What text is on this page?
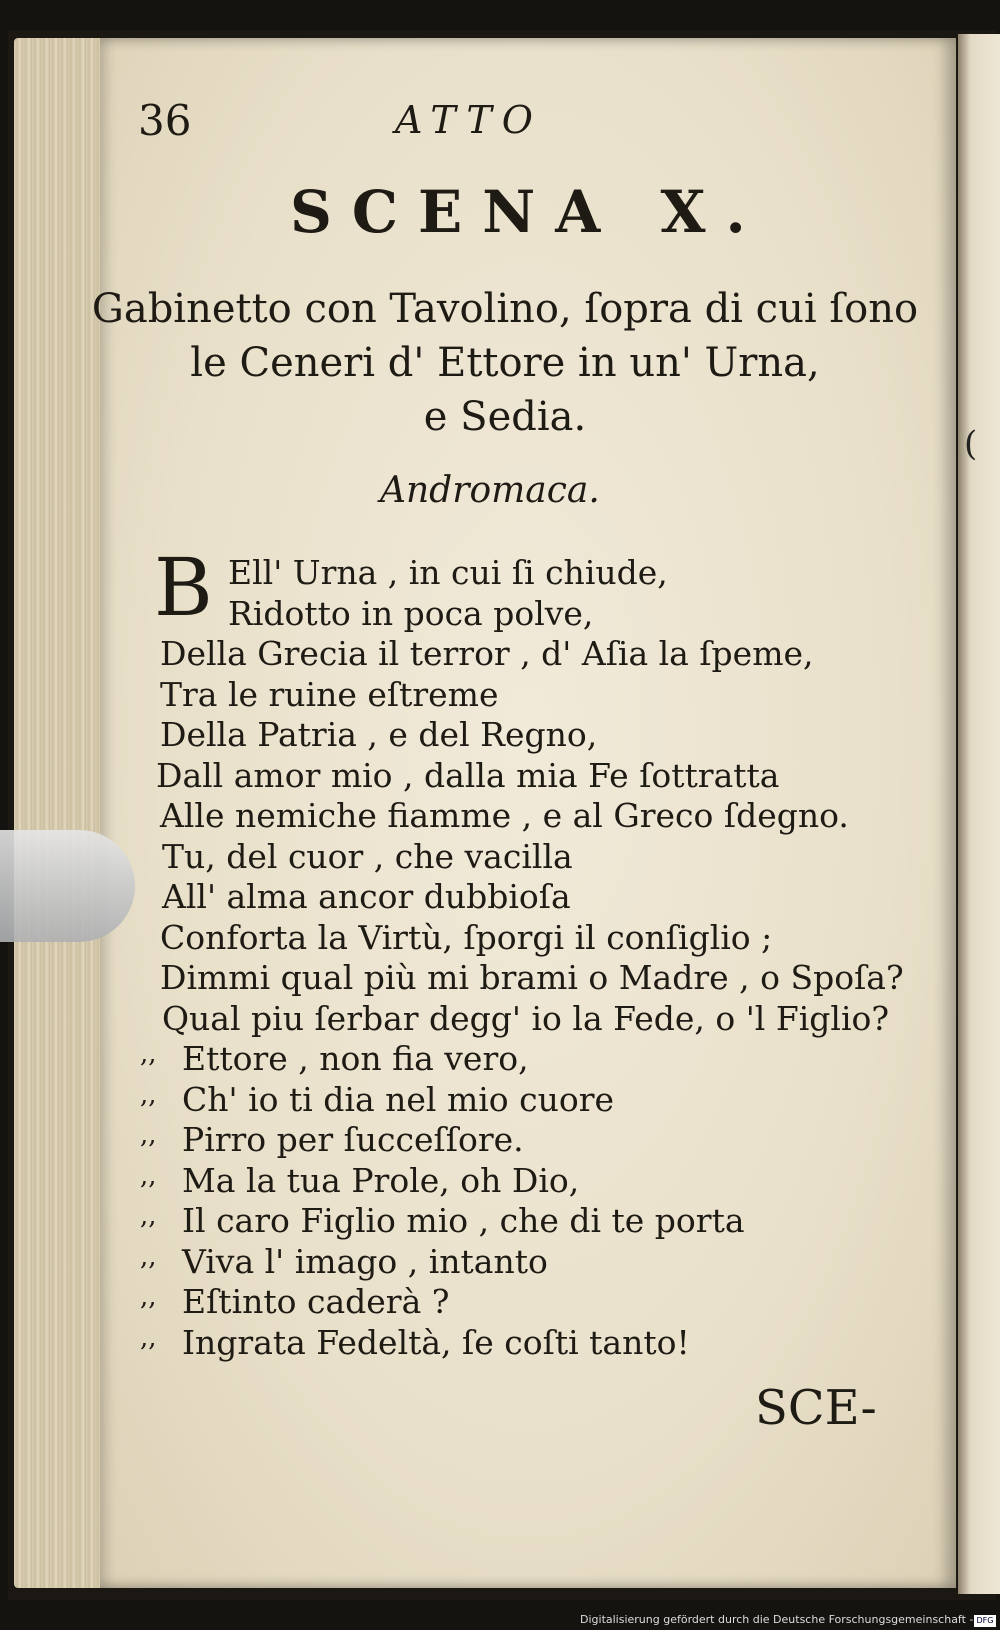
(
36	ATTO
SCENA X.
Gabinetto con Tavolino, ſopra di cui ſono
le Ceneri d' Ettore in un' Urna,
e Sedia.
Andromaca.
B Ell' Urna , in cui ſi chiude,
Ridotto in poca polve,
Della Grecia il terror , d' Aſia la ſpeme,
Tra le ruine eſtreme
Della Patria , e del Regno,
Dall amor mio , dalla mia Fe ſottratta
Alle nemiche fiamme , e al Greco ſdegno.
Tu, del cuor , che vacilla
All' alma ancor dubbioſa
Conforta la Virtù, ſporgi il conſiglio ;
Dimmi qual più mi brami o Madre , o Spoſa?
Qual piu ſerbar degg' io la Fede, o 'l Figlio?
,, Ettore , non fia vero,
,, Ch' io ti dia nel mio cuore
,, Pirro per ſucceſſore.
,, Ma la tua Prole, oh Dio,
,, Il caro Figlio mio , che di te porta
,, Viva l' imago , intanto
,, Eſtinto caderà ?
,, Ingrata Fedeltà, ſe coſti tanto!
SCE-
Digitalisierung gefördert durch die Deutsche Forschungsgemeinschaft - DFG
